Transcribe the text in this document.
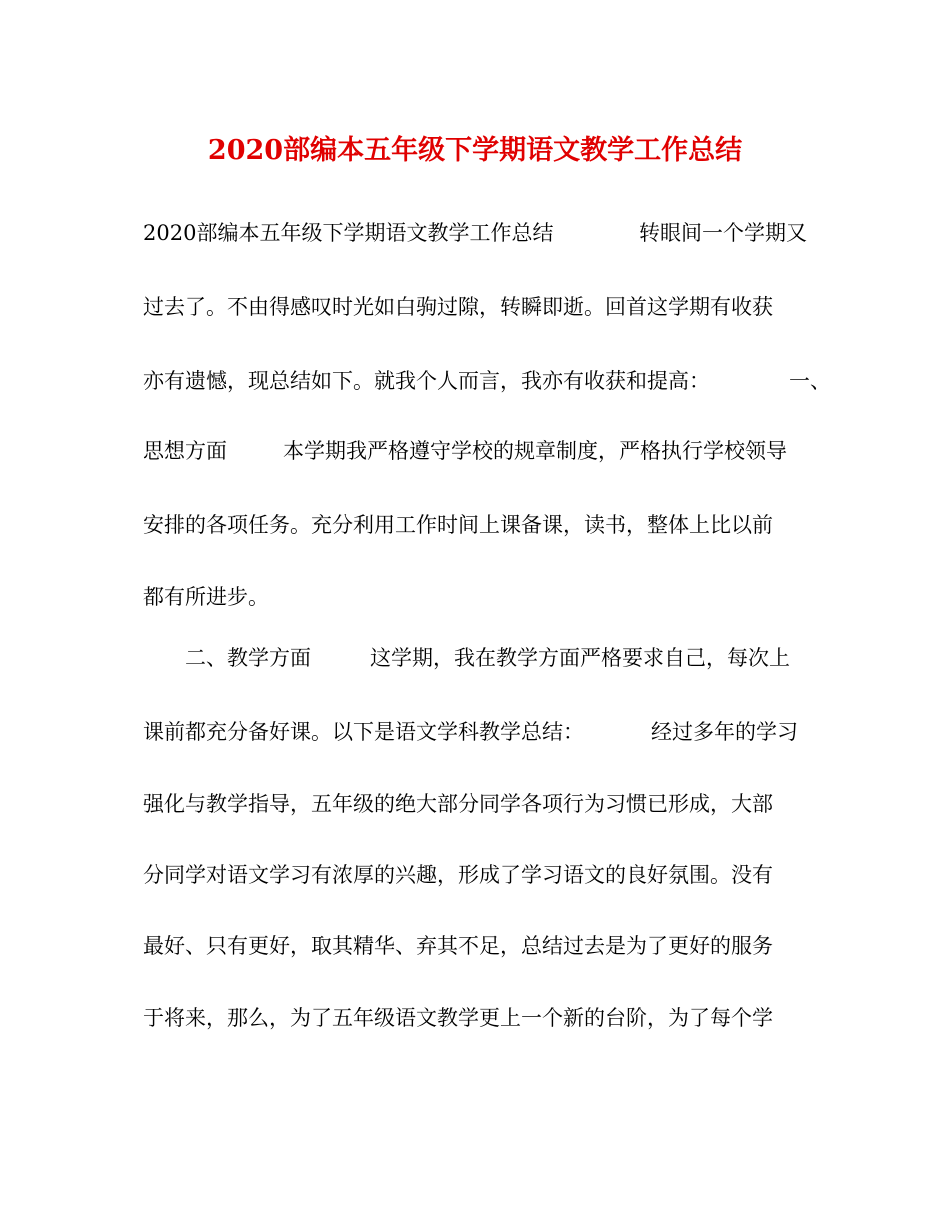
2020部编本五年级下学期语文教学工作总结
2020部编本五年级下学期语文教学工作总结	转眼间一个学期又
过去了。不由得感叹时光如白驹过隙，转瞬即逝。回首这学期有收获
亦有遗憾，现总结如下。就我个人而言，我亦有收获和提高：	一、
思想方面	本学期我严格遵守学校的规章制度，严格执行学校领导
安排的各项任务。充分利用工作时间上课备课，读书，整体上比以前
都有所进步。
二、教学方面	这学期，我在教学方面严格要求自己，每次上
课前都充分备好课。以下是语文学科教学总结：	经过多年的学习
强化与教学指导，五年级的绝大部分同学各项行为习惯已形成，大部
分同学对语文学习有浓厚的兴趣，形成了学习语文的良好氛围。没有
最好、只有更好，取其精华、弃其不足，总结过去是为了更好的服务
于将来，那么，为了五年级语文教学更上一个新的台阶，为了每个学
